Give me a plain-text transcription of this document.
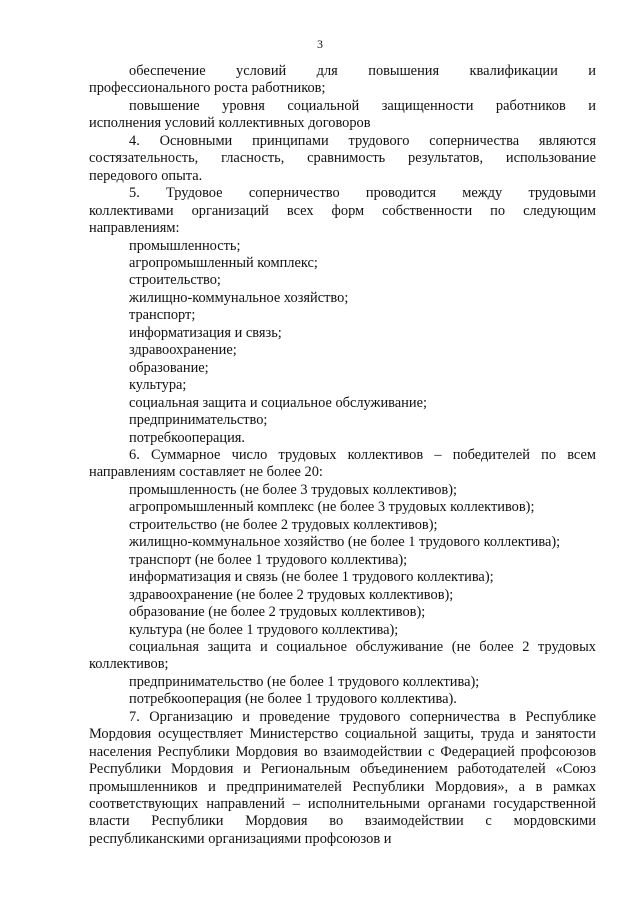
3
обеспечение условий для повышения квалификации и
профессионального роста работников;
повышение уровня социальной защищенности работников и
исполнения условий коллективных договоров
4. Основными принципами трудового соперничества являются
состязательность, гласность, сравнимость результатов, использование
передового опыта.
5. Трудовое соперничество проводится между трудовыми
коллективами организаций всех форм собственности по следующим
направлениям:
промышленность;
агропромышленный комплекс;
строительство;
жилищно-коммунальное хозяйство;
транспорт;
информатизация и связь;
здравоохранение;
образование;
культура;
социальная защита и социальное обслуживание;
предпринимательство;
потребкооперация.
6. Суммарное число трудовых коллективов – победителей по всем
направлениям составляет не более 20:
промышленность (не более 3 трудовых коллективов);
агропромышленный комплекс (не более 3 трудовых коллективов);
строительство (не более 2 трудовых коллективов);
жилищно-коммунальное хозяйство (не более 1 трудового коллектива);
транспорт (не более 1 трудового коллектива);
информатизация и связь (не более 1 трудового коллектива);
здравоохранение (не более 2 трудовых коллективов);
образование (не более 2 трудовых коллективов);
культура (не более 1 трудового коллектива);
социальная защита и социальное обслуживание (не более 2 трудовых
коллективов;
предпринимательство (не более 1 трудового коллектива);
потребкооперация (не более 1 трудового коллектива).

7. Организацию и проведение трудового соперничества в Республике Мордовия осуществляет Министерство социальной защиты, труда и занятости населения Республики Мордовия во взаимодействии с Федерацией профсоюзов Республики Мордовия и Региональным объединением работодателей «Союз промышленников и предпринимателей Республики Мордовия», а в рамках соответствующих направлений – исполнительными органами государственной власти Республики Мордовия во взаимодействии с мордовскими республиканскими организациями профсоюзов и
